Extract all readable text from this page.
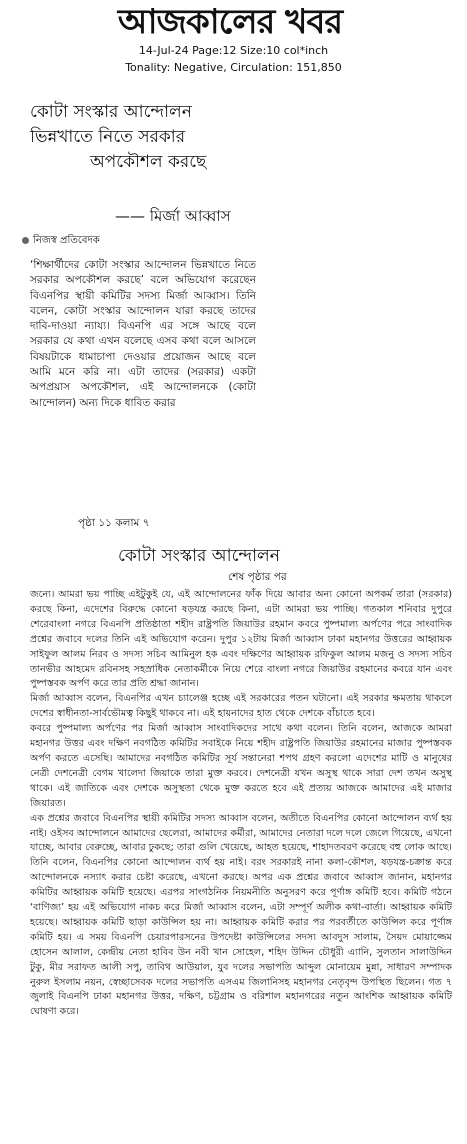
আজকালের খবর
14-Jul-24 Page:12 Size:10 col*inch
Tonality: Negative, Circulation: 151,850
কোটা সংস্কার আন্দোলন
ভিন্নখাতে নিতে সরকার
অপকৌশল করছে
—— মির্জা আব্বাস
নিজস্ব প্রতিবেদক
‘শিক্ষার্থীদের কোটা সংস্কার আন্দোলন ভিন্নখাতে নিতে সরকার অপকৌশল করছে’ বলে অভিযোগ করেছেন বিএনপির স্থায়ী কমিটির সদস্য মির্জা আব্বাস। তিনি বলেন, কোটা সংস্কার আন্দোলন যারা করছে তাদের দাবি-দাওয়া ন্যায্য। বিএনপি এর সঙ্গে আছে বলে সরকার যে কথা এখন বলেছে এসব কথা বলে আসলে বিষয়টাকে ধামাচাপা দেওয়ার প্রয়োজন আছে বলে আমি মনে করি না। এটা তাদের (সরকার) একটা অপপ্রয়াস অপকৌশল, এই আন্দোলনকে (কোটা আন্দোলন) অন্য দিকে ধাবিত করার
পৃষ্ঠা ১১ কলাম ৭
কোটা সংস্কার আন্দোলন
শেষ পৃষ্ঠার পর

জন্যে। আমরা ভয় পাচ্ছি এইটুকুই যে, এই আন্দোলনের ফাঁক দিয়ে আবার অন্য কোনো অপকর্ম তারা (সরকার) করছে কিনা, এদেশের বিরুদ্ধে কোনো ষড়যন্ত্র করছে কিনা, এটা আমরা ভয় পাচ্ছি। গতকাল শনিবার দুপুরে শেরেবাংলা নগরে বিএনপি প্রতিষ্ঠাতা শহীদ রাষ্ট্রপতি জিয়াউর রহমান কবরে পুষ্পমাল্য অর্পণের পরে সাংবাদিক প্রশ্নের জবাবে দলের তিনি এই অভিযোগ করেন। দুপুর ১২টায় মির্জা আব্বাস ঢাকা মহানগর উত্তরের আহ্বায়ক সাইফুল আলম নিরব ও সদস্য সচিব আমিনুল হক এবং দক্ষিণের আহ্বায়ক রফিকুল আলম মজনু ও সদস্য সচিব তানভীর আহমেদ রবিনসহ সহস্রাধিক নেতাকর্মীকে নিয়ে শেরে বাংলা নগরে জিয়াউর রহমানের কবরে যান এবং পুষ্পস্তবক অর্পণ করে তার প্রতি শ্রদ্ধা জানান।

মির্জা আব্বাস বলেন, বিএনপির এখন চ্যালেঞ্জ হচ্ছে এই সরকারের পতন ঘটানো। এই সরকার ক্ষমতায় থাকলে দেশের স্বাধীনতা-সার্বভৌমত্ব কিছুই থাকবে না। এই হায়নাদের হাত থেকে দেশকে বাঁচাতে হবে।

কবরে পুষ্পমাল্য অর্পণের পর মির্জা আব্বাস সাংবাদিকদের সাথে কথা বলেন। তিনি বলেন, আজকে আমরা মহানগর উত্তর এবং দক্ষিণ নবগঠিত কমিটির সবাইকে নিয়ে শহীদ রাষ্ট্রপতি জিয়াউর রহমানের মাজার পুষ্পস্তবক অর্পণ করতে এসেছি। আমাদের নবগঠিত কমিটির সূর্য সন্তানেরা শপথ গ্রহণ করলো এদেশের মাটি ও মানুষের নেত্রী দেশনেত্রী বেগম খালেদা জিয়াকে তারা মুক্ত করবে। দেশনেত্রী যখন অসুস্থ থাকে সারা দেশ তখন অসুস্থ থাকে। এই জাতিকে এবং দেশকে অসুস্থতা থেকে মুক্ত করতে হবে এই প্রত্যয় আজকে আমাদের এই মাজার জিয়ারত।

এক প্রশ্নের জবাবে বিএনপির স্থায়ী কমিটির সদস্য আব্বাস বলেন, অতীতে বিএনপির কোনো আন্দোলন ব্যর্থ হয় নাই। ওইসব আন্দোলনে আমাদের ছেলেরা, আমাদের কর্মীরা, আমাদের নেতারা দলে দলে জেলে গিয়েছে, এখনো যাচ্ছে, আবার বেরুচ্ছে, আবার ঢুকছে; তারা গুলি খেয়েছে, আহত হয়েছে, শাহাদতবরণ করেছে বহু লোক আছে। তিনি বলেন, বিএনপির কোনো আন্দোলন ব্যর্থ হয় নাই। বরং সরকারই নানা কলা-কৌশল, ষড়যন্ত্র-চক্রান্ত করে আন্দোলনকে নস্যাৎ করার চেষ্টা করেছে, এখনো করছে। অপর এক প্রশ্নের জবাবে আব্বাস জানান, মহানগর কমিটির আহ্বায়ক কমিটি হয়েছে। এরপর সাংগঠনিক নিয়মনীতি অনুসরণ করে পূর্ণাঙ্গ কমিটি হবে। কমিটি গঠনে ‘বাণিজ্য’ হয় এই অভিযোগ নাকচ করে মির্জা আব্বাস বলেন, এটা সম্পূর্ণ অলীক কথা-বার্তা। আহ্বায়ক কমিটি হয়েছে। আহ্বায়ক কমিটি ছাড়া কাউন্সিল হয় না। আহ্বায়ক কমিটি করার পর পরবর্তীতে কাউন্সিল করে পূর্ণাঙ্গ কমিটি হয়। এ সময় বিএনপি চেয়ারপারসনের উপদেষ্টা কাউন্সিলের সদস্য আবদুস সালাম, সৈয়দ মোয়াজ্জেম হোসেন আলাল, কেন্দ্রীয় নেতা হাবিব উন নবী খান সোহেল, শহিদ উদ্দিন চৌধুরী এ্যানি, সুলতান সালাউদ্দিন টুকু, মীর সরাফত আলী সপু, তাবিথ আউয়াল, যুব দলের সভাপতি আব্দুল মোনায়েম মুন্না, সাধারণ সম্পাদক নুরুল ইসলাম নয়ন, স্বেচ্ছাসেবক দলের সভাপতি এসএম জিলানিসহ মহানগর নেতৃবৃন্দ উপস্থিত ছিলেন। গত ৭ জুলাই বিএনপি ঢাকা মহানগর উত্তর, দক্ষিণ, চট্টগ্রাম ও বরিশাল মহানগরের নতুন আংশিক আহ্বায়ক কমিটি ঘোষণা করে।
